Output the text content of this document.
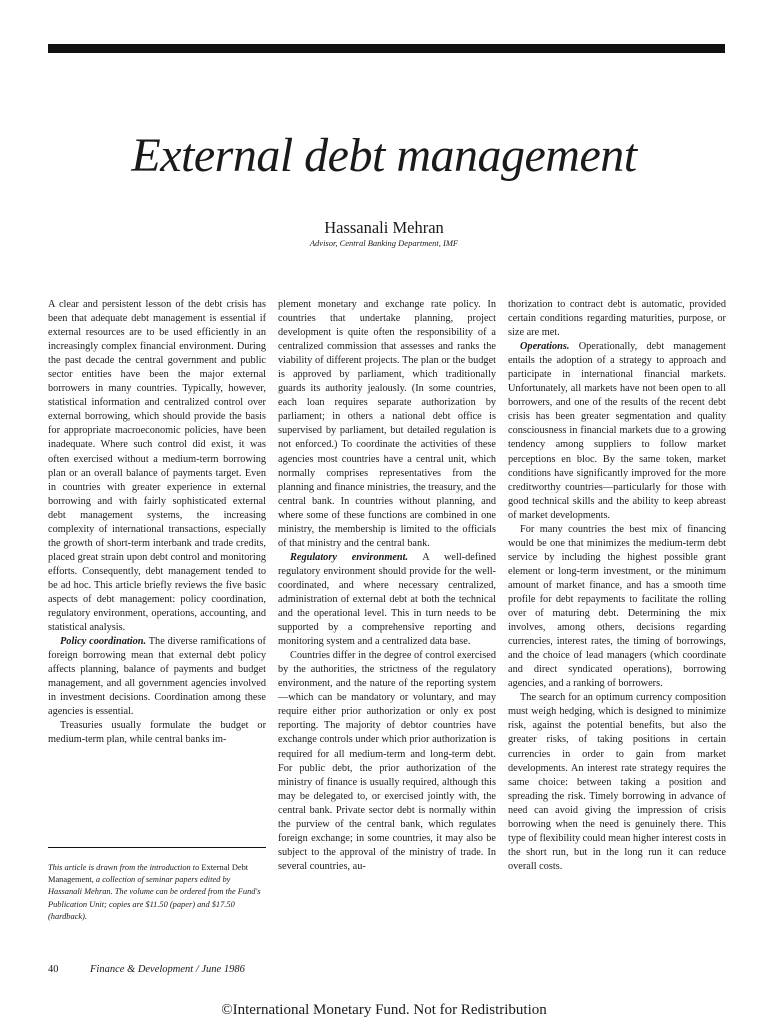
External debt management
Hassanali Mehran
Advisor, Central Banking Department, IMF

A clear and persistent lesson of the debt crisis has been that adequate debt management is essential if external resources are to be used efficiently in an increasingly complex financial environment. During the past decade the central government and public sector entities have been the major external borrowers in many countries. Typically, however, statistical information and centralized control over external borrowing, which should provide the basis for appropriate macroeconomic policies, have been inadequate. Where such control did exist, it was often exercised without a medium-term borrowing plan or an overall balance of payments target. Even in countries with greater experience in external borrowing and with fairly sophisticated external debt management systems, the increasing complexity of international transactions, especially the growth of short-term interbank and trade credits, placed great strain upon debt control and monitoring efforts. Consequently, debt management tended to be ad hoc. This article briefly reviews the five basic aspects of debt management: policy coordination, regulatory environment, operations, accounting, and statistical analysis.

Policy coordination. The diverse ramifications of foreign borrowing mean that external debt policy affects planning, balance of payments and budget management, and all government agencies involved in investment decisions. Coordination among these agencies is essential.

Treasuries usually formulate the budget or medium-term plan, while central banks im-

plement monetary and exchange rate policy. In countries that undertake planning, project development is quite often the responsibility of a centralized commission that assesses and ranks the viability of different projects. The plan or the budget is approved by parliament, which traditionally guards its authority jealously. (In some countries, each loan requires separate authorization by parliament; in others a national debt office is supervised by parliament, but detailed regulation is not enforced.) To coordinate the activities of these agencies most countries have a central unit, which normally comprises representatives from the planning and finance ministries, the treasury, and the central bank. In countries without planning, and where some of these functions are combined in one ministry, the membership is limited to the officials of that ministry and the central bank.

Regulatory environment. A well-defined regulatory environment should provide for the well-coordinated, and where necessary centralized, administration of external debt at both the technical and the operational level. This in turn needs to be supported by a comprehensive reporting and monitoring system and a centralized data base.

Countries differ in the degree of control exercised by the authorities, the strictness of the regulatory environment, and the nature of the reporting system—which can be mandatory or voluntary, and may require either prior authorization or only ex post reporting. The majority of debtor countries have exchange controls under which prior authorization is required for all medium-term and long-term debt. For public debt, the prior authorization of the ministry of finance is usually required, although this may be delegated to, or exercised jointly with, the central bank. Private sector debt is normally within the purview of the central bank, which regulates foreign exchange; in some countries, it may also be subject to the approval of the ministry of trade. In several countries, au-

thorization to contract debt is automatic, provided certain conditions regarding maturities, purpose, or size are met.

Operations. Operationally, debt management entails the adoption of a strategy to approach and participate in international financial markets. Unfortunately, all markets have not been open to all borrowers, and one of the results of the recent debt crisis has been greater segmentation and quality consciousness in financial markets due to a growing tendency among suppliers to follow market perceptions en bloc. By the same token, market conditions have significantly improved for the more creditworthy countries—particularly for those with good technical skills and the ability to keep abreast of market developments.

For many countries the best mix of financing would be one that minimizes the medium-term debt service by including the highest possible grant element or long-term investment, or the minimum amount of market finance, and has a smooth time profile for debt repayments to facilitate the rolling over of maturing debt. Determining the mix involves, among others, decisions regarding currencies, interest rates, the timing of borrowings, and the choice of lead managers (which coordinate and direct syndicated operations), borrowing agencies, and a ranking of borrowers.

The search for an optimum currency composition must weigh hedging, which is designed to minimize risk, against the potential benefits, but also the greater risks, of taking positions in certain currencies in order to gain from market developments. An interest rate strategy requires the same choice: between taking a position and spreading the risk. Timely borrowing in advance of need can avoid giving the impression of crisis borrowing when the need is genuinely there. This type of flexibility could mean higher interest costs in the short run, but in the long run it can reduce overall costs.

This article is drawn from the introduction to External Debt Management, a collection of seminar papers edited by Hassanali Mehran. The volume can be ordered from the Fund's Publication Unit; copies are $11.50 (paper) and $17.50 (hardback).
40	Finance & Development / June 1986
©International Monetary Fund. Not for Redistribution
